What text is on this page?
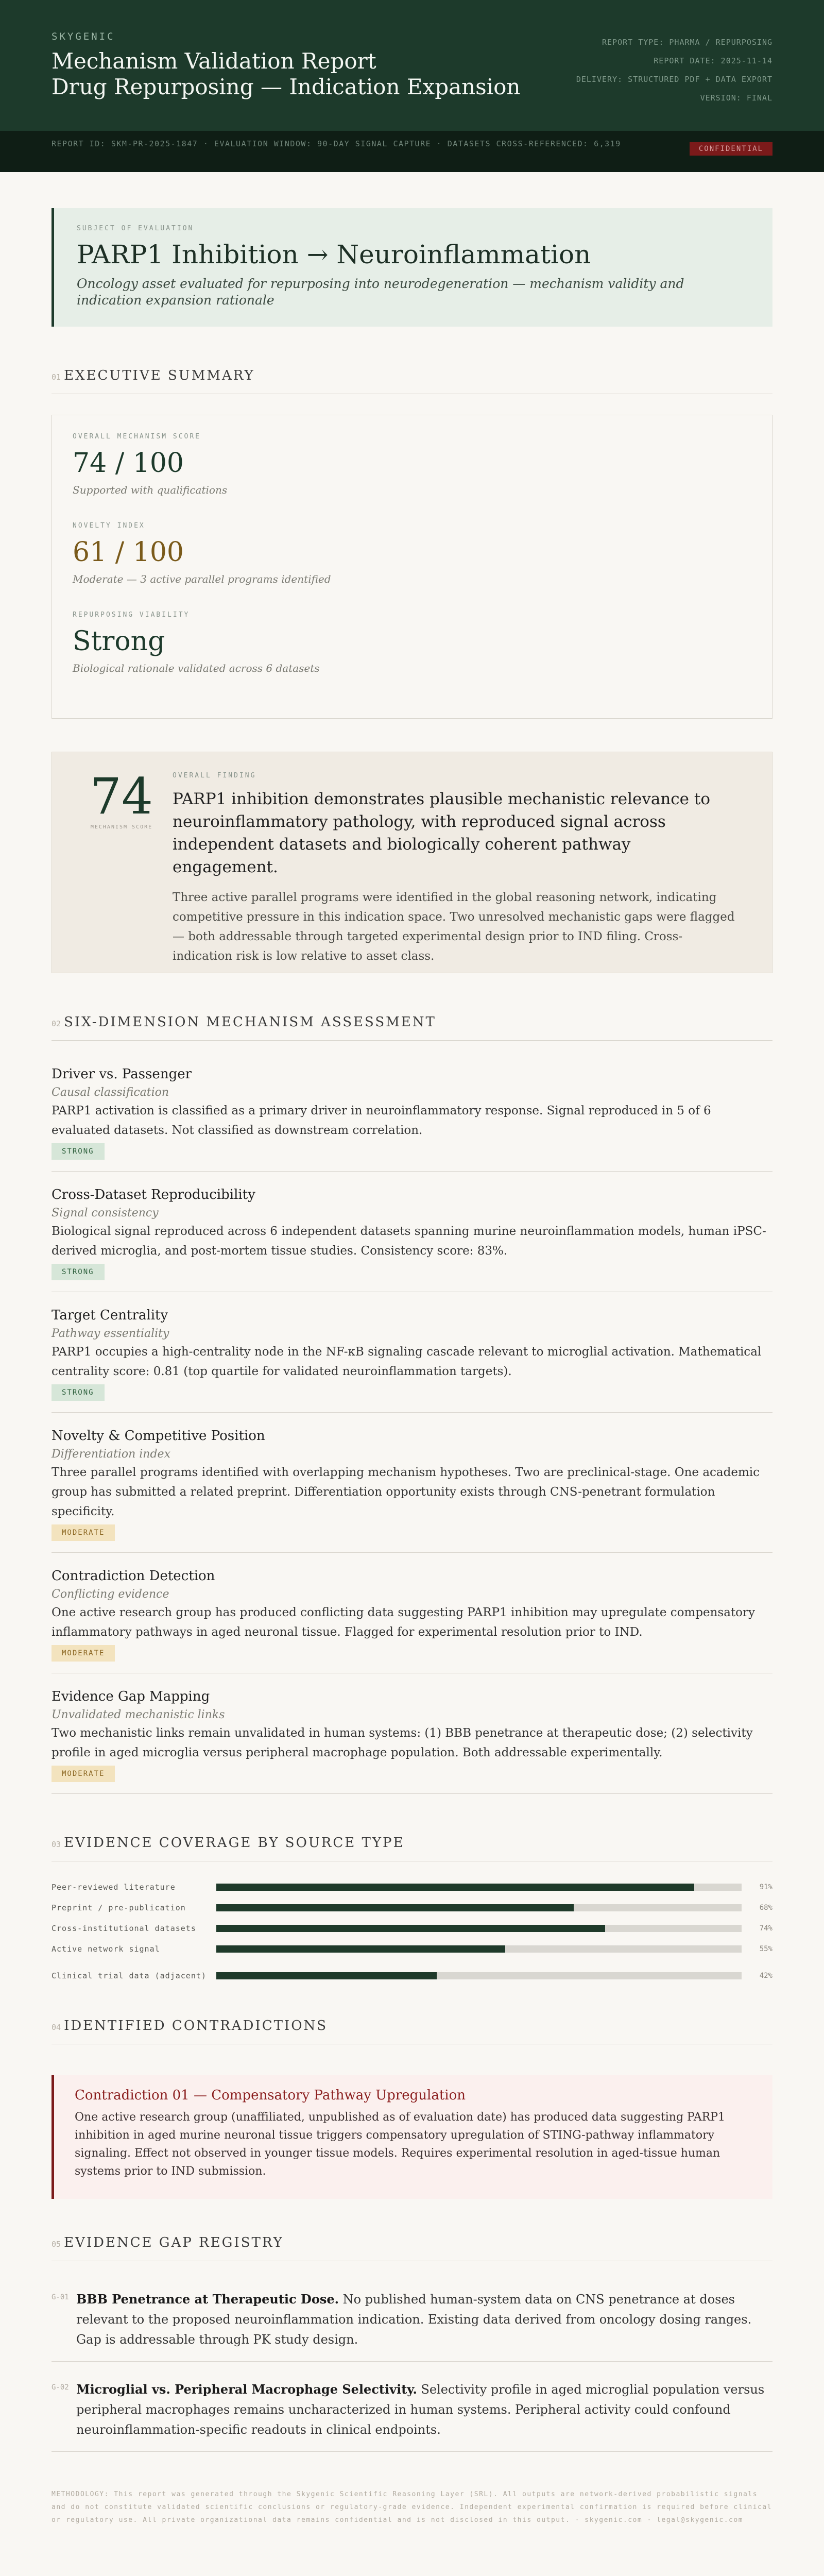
SKYGENIC
Mechanism Validation Report
Drug Repurposing — Indication Expansion
REPORT TYPE: PHARMA / REPURPOSING
REPORT DATE: 2025-11-14
DELIVERY: STRUCTURED PDF + DATA EXPORT
VERSION: FINAL
REPORT ID: SKM-PR-2025-1847 · EVALUATION WINDOW: 90-DAY SIGNAL CAPTURE · DATASETS CROSS-REFERENCED: 6,319
CONFIDENTIAL
SUBJECT OF EVALUATION
PARP1 Inhibition → Neuroinflammation

Oncology asset evaluated for repurposing into neurodegeneration — mechanism validity and indication expansion rationale

01 EXECUTIVE SUMMARY
OVERALL MECHANISM SCORE
74 / 100
Supported with qualifications
NOVELTY INDEX
61 / 100
Moderate — 3 active parallel programs identified
REPURPOSING VIABILITY
Strong
Biological rationale validated across 6 datasets
74
MECHANISM SCORE
OVERALL FINDING
PARP1 inhibition demonstrates plausible mechanistic relevance to neuroinflammatory pathology, with reproduced signal across independent datasets and biologically coherent pathway engagement.

Three active parallel programs were identified in the global reasoning network, indicating competitive pressure in this indication space. Two unresolved mechanistic gaps were flagged — both addressable through targeted experimental design prior to IND filing. Cross-indication risk is low relative to asset class.

02 SIX-DIMENSION MECHANISM ASSESSMENT
Driver vs. Passenger
Causal classification

PARP1 activation is classified as a primary driver in neuroinflammatory response. Signal reproduced in 5 of 6 evaluated datasets. Not classified as downstream correlation.

STRONG
Cross-Dataset Reproducibility
Signal consistency

Biological signal reproduced across 6 independent datasets spanning murine neuroinflammation models, human iPSC-derived microglia, and post-mortem tissue studies. Consistency score: 83%.

STRONG
Target Centrality
Pathway essentiality

PARP1 occupies a high-centrality node in the NF-κB signaling cascade relevant to microglial activation. Mathematical centrality score: 0.81 (top quartile for validated neuroinflammation targets).

STRONG
Novelty & Competitive Position
Differentiation index

Three parallel programs identified with overlapping mechanism hypotheses. Two are preclinical-stage. One academic group has submitted a related preprint. Differentiation opportunity exists through CNS-penetrant formulation specificity.

MODERATE
Contradiction Detection
Conflicting evidence

One active research group has produced conflicting data suggesting PARP1 inhibition may upregulate compensatory inflammatory pathways in aged neuronal tissue. Flagged for experimental resolution prior to IND.

MODERATE
Evidence Gap Mapping
Unvalidated mechanistic links

Two mechanistic links remain unvalidated in human systems: (1) BBB penetrance at therapeutic dose; (2) selectivity profile in aged microglia versus peripheral macrophage population. Both addressable experimentally.

MODERATE
03 EVIDENCE COVERAGE BY SOURCE TYPE
Peer-reviewed literature	91%
Preprint / pre-publication	68%
Cross-institutional datasets	74%
Active network signal	55%
Clinical trial data (adjacent)	42%
04 IDENTIFIED CONTRADICTIONS
Contradiction 01 — Compensatory Pathway Upregulation

One active research group (unaffiliated, unpublished as of evaluation date) has produced data suggesting PARP1 inhibition in aged murine neuronal tissue triggers compensatory upregulation of STING-pathway inflammatory signaling. Effect not observed in younger tissue models. Requires experimental resolution in aged-tissue human systems prior to IND submission.

05 EVIDENCE GAP REGISTRY
G-01 BBB Penetrance at Therapeutic Dose. No published human-system data on CNS penetrance at doses relevant to the proposed neuroinflammation indication. Existing data derived from oncology dosing ranges. Gap is addressable through PK study design.

G-02 Microglial vs. Peripheral Macrophage Selectivity. Selectivity profile in aged microglial population versus peripheral macrophages remains uncharacterized in human systems. Peripheral activity could confound neuroinflammation-specific readouts in clinical endpoints.

METHODOLOGY: This report was generated through the Skygenic Scientific Reasoning Layer (SRL). All outputs are network-derived probabilistic signals and do not constitute validated scientific conclusions or regulatory-grade evidence. Independent experimental confirmation is required before clinical or regulatory use. All private organizational data remains confidential and is not disclosed in this output. · skygenic.com · legal@skygenic.com
